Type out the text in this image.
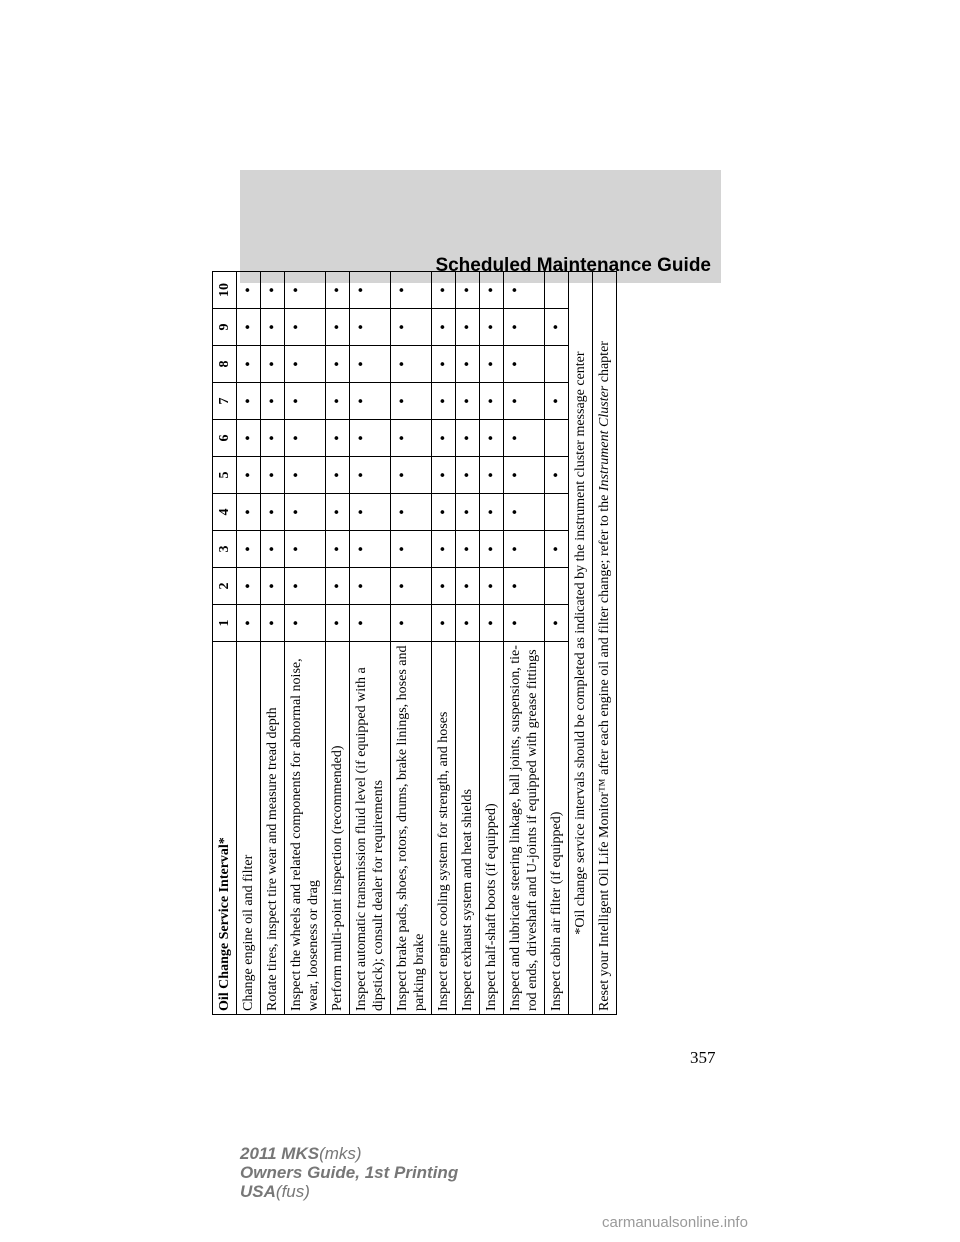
Scheduled Maintenance Guide
Oil Change Service Interval*	1	2	3	4	5	6	7	8	9	10
Change engine oil and filter	•	•	•	•	•	•	•	•	•	•
Rotate tires, inspect tire wear and measure tread depth	•	•	•	•	•	•	•	•	•	•
Inspect the wheels and related components for abnormal noise, wear, looseness or drag	•	•	•	•	•	•	•	•	•	•
Perform multi-point inspection (recommended)	•	•	•	•	•	•	•	•	•	•
Inspect automatic transmission fluid level (if equipped with a dipstick); consult dealer for requirements	•	•	•	•	•	•	•	•	•	•
Inspect brake pads, shoes, rotors, drums, brake linings, hoses and parking brake	•	•	•	•	•	•	•	•	•	•
Inspect engine cooling system for strength, and hoses	•	•	•	•	•	•	•	•	•	•
Inspect exhaust system and heat shields	•	•	•	•	•	•	•	•	•	•
Inspect half-shaft boots (if equipped)	•	•	•	•	•	•	•	•	•	•
Inspect and lubricate steering linkage, ball joints, suspension, tie-rod ends, driveshaft and U-joints if equipped with grease fittings	•	•	•	•	•	•	•	•	•	•
Inspect cabin air filter (if equipped)	•		•		•		•		•	
*Oil change service intervals should be completed as indicated by the instrument cluster message center										
Reset your Intelligent Oil Life Monitor™ after each engine oil and filter change; refer to the Instrument Cluster chapter										
357
2011 MKS(mks)
Owners Guide, 1st Printing
USA(fus)
carmanualsonline.info
